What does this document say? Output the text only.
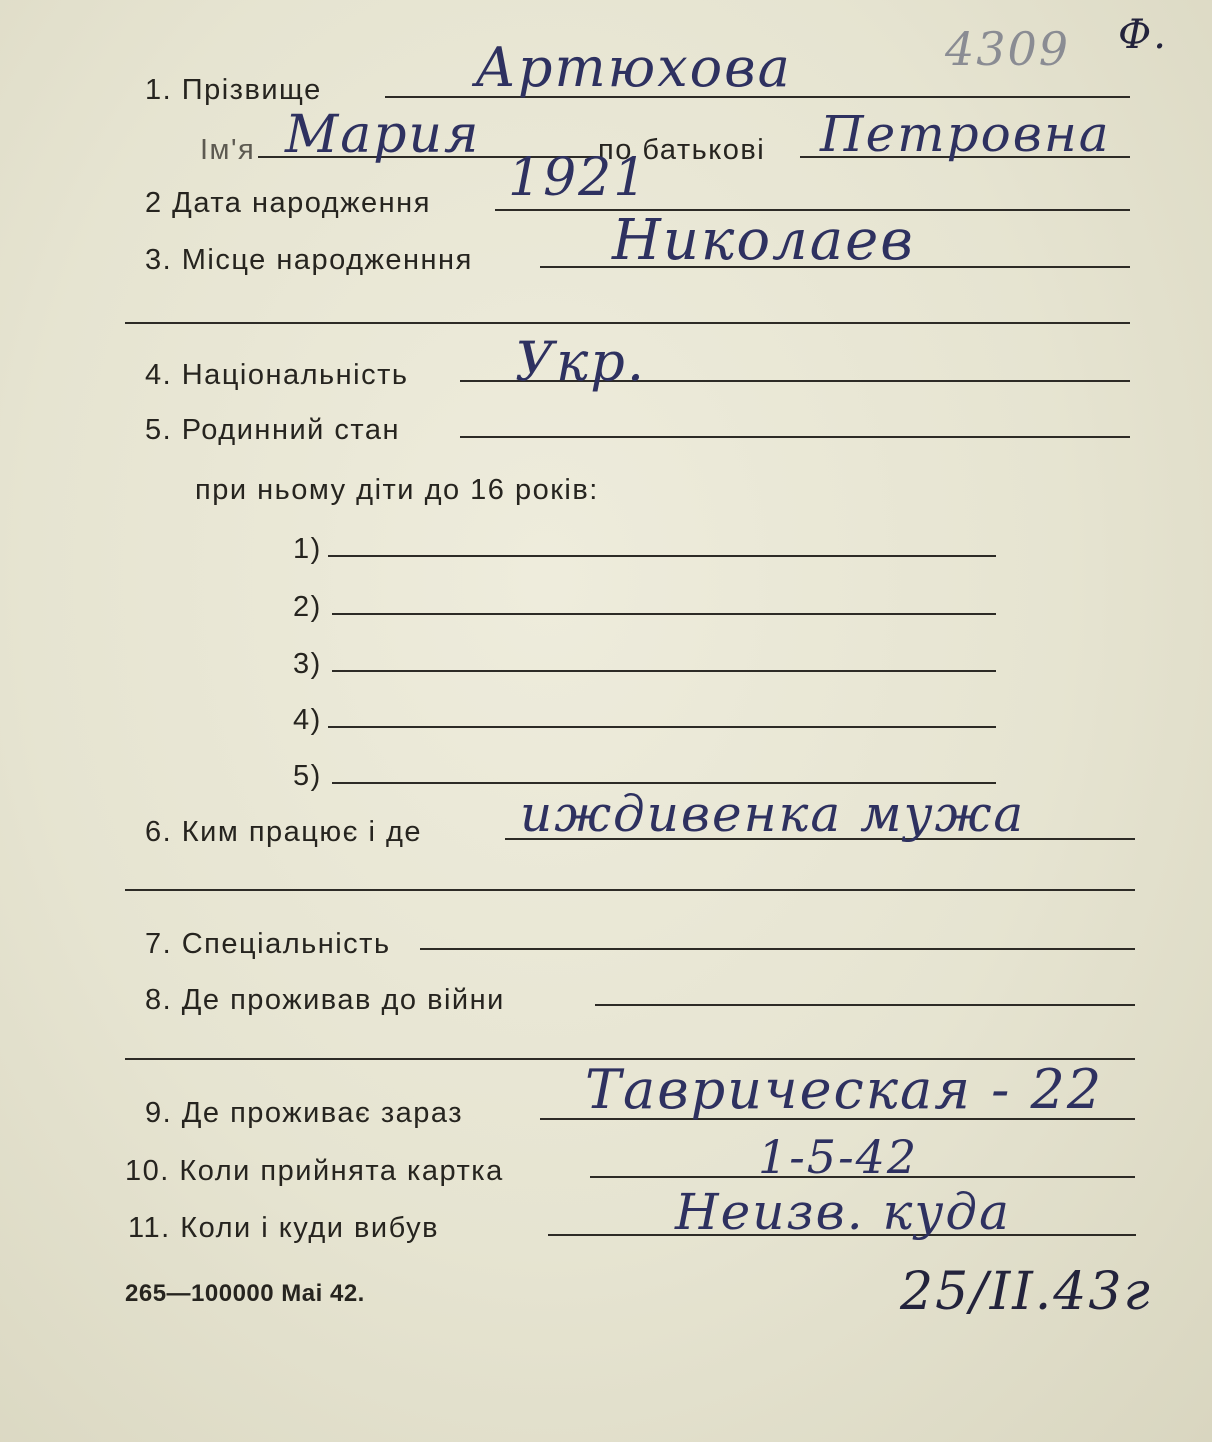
4309 Ф.
1. Прізвище	Артюхова
Ім'я Мария	по батькові Петровна
2 Дата народження 1921
3. Місце народженння Николаев
4. Національність Укр.
5. Родинний стан
при ньому діти до 16 років:
1)
2)
3)
4)
5)
6. Ким працює і де иждивенка мужа
7. Спеціальність
8. Де проживав до війни
9. Де проживає зараз Таврическая - 22
10. Коли прийнята картка	1-5-42
11. Коли і куди вибув	Неизв. куда
25/II.43г
265—100000 Mai 42.
